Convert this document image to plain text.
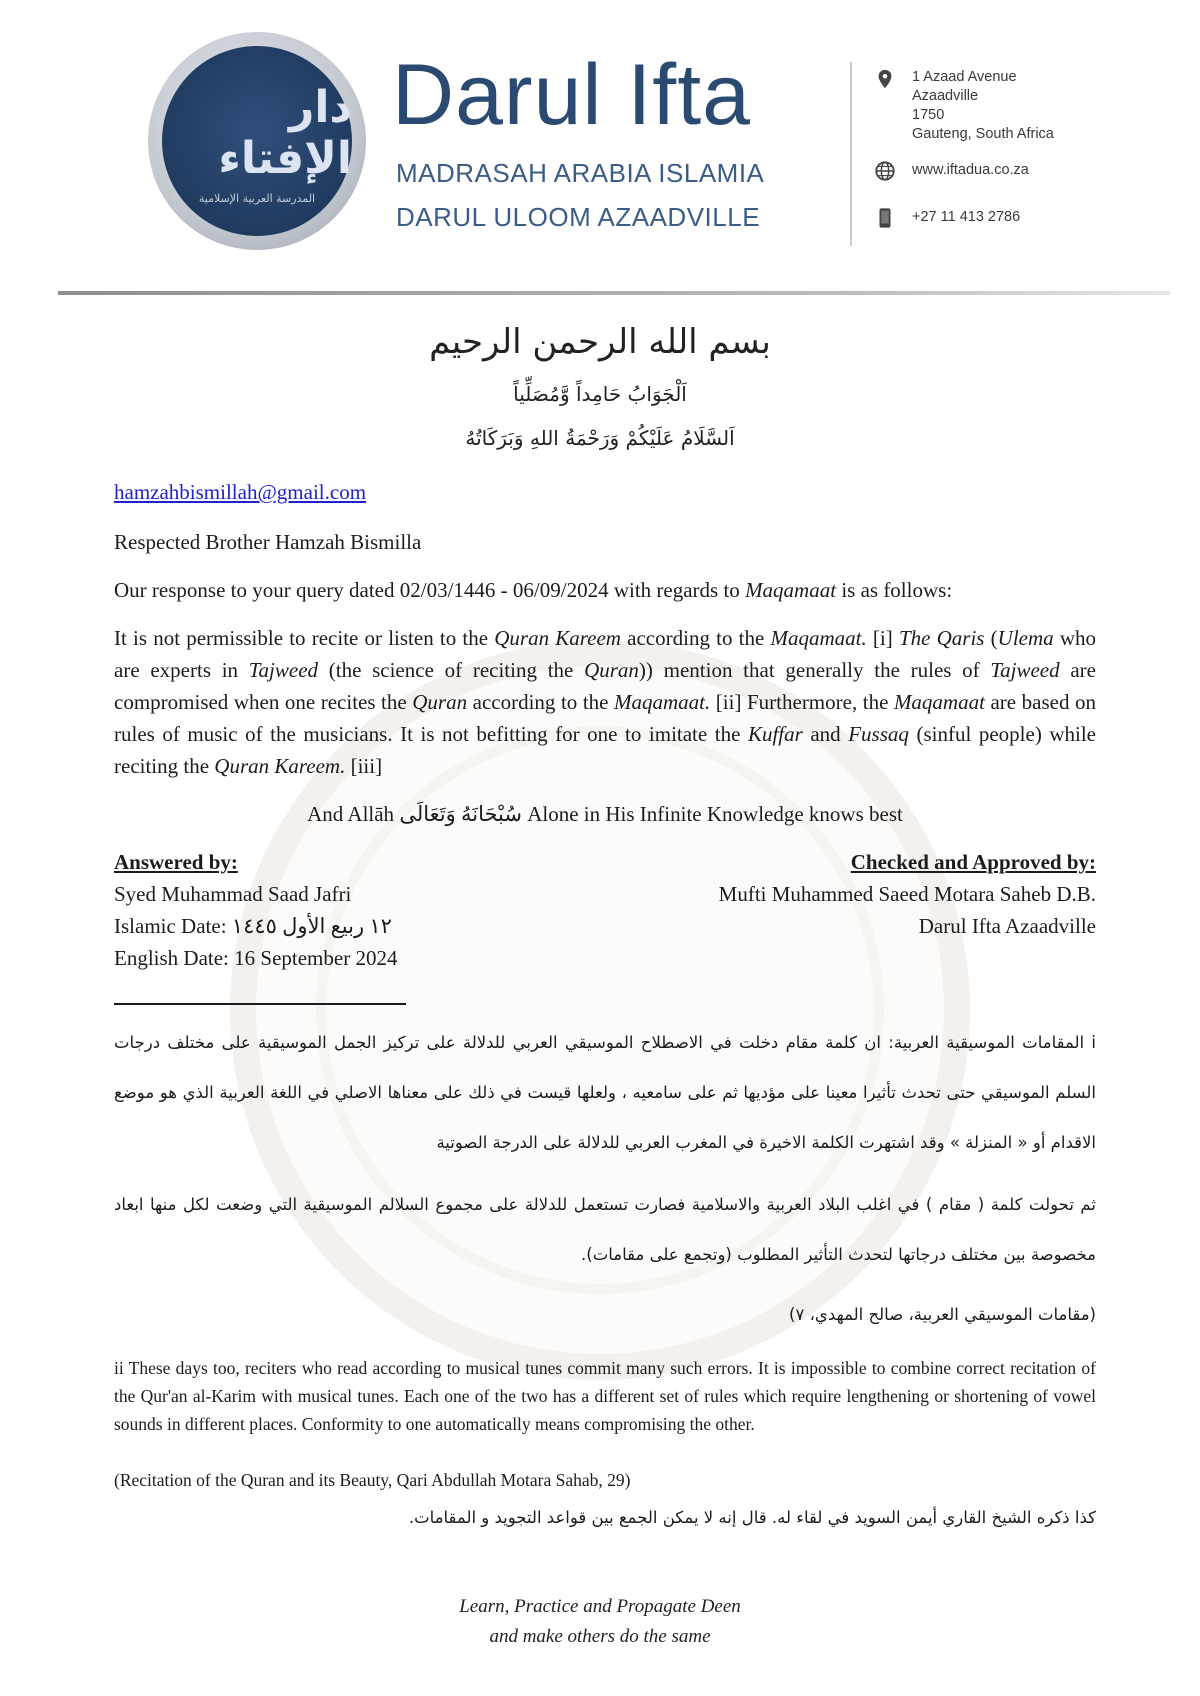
دار الإفتاء
المدرسة العربية الإسلامية
Darul Ifta
MADRASAH ARABIA ISLAMIA
DARUL ULOOM AZAADVILLE
1 Azaad Avenue
Azaadville
1750
Gauteng, South Africa
www.iftadua.co.za
+27 11 413 2786
بسم الله الرحمن الرحيم
اَلْجَوَابُ حَامِداً وَّمُصَلِّياً
اَلسَّلَامُ عَلَيْكُمْ وَرَحْمَةُ اللهِ وَبَرَكَاتُهُ
hamzahbismillah@gmail.com
Respected Brother Hamzah Bismilla
Our response to your query dated 02/03/1446 - 06/09/2024 with regards to Maqamaat is as follows:
It is not permissible to recite or listen to the Quran Kareem according to the Maqamaat. [i] The Qaris (Ulema who are experts in Tajweed (the science of reciting the Quran)) mention that generally the rules of Tajweed are compromised when one recites the Quran according to the Maqamaat. [ii] Furthermore, the Maqamaat are based on rules of music of the musicians. It is not befitting for one to imitate the Kuffar and Fussaq (sinful people) while reciting the Quran Kareem. [iii]
And Allāh سُبْحَانَهُ وَتَعَالَى Alone in His Infinite Knowledge knows best
Answered by:
Syed Muhammad Saad Jafri
Islamic Date: ١٢ ربيع الأول ١٤٤٥
English Date: 16 September 2024
Checked and Approved by:
Mufti Muhammed Saeed Motara Saheb D.B.
Darul Ifta Azaadville
i المقامات الموسيقية العربية: ان كلمة مقام دخلت في الاصطلاح الموسيقي العربي للدلالة على تركيز الجمل الموسيقية على مختلف درجات السلم الموسيقي حتى تحدث تأثيرا معينا على مؤديها ثم على سامعيه ، ولعلها قيست في ذلك على معناها الاصلي في اللغة العربية الذي هو موضع الاقدام أو « المنزلة » وقد اشتهرت الكلمة الاخيرة في المغرب العربي للدلالة على الدرجة الصوتية
ثم تحولت كلمة ( مقام ) في اغلب البلاد العربية والاسلامية فصارت تستعمل للدلالة على مجموع السلالم الموسيقية التي وضعت لكل منها ابعاد مخصوصة بين مختلف درجاتها لتحدث التأثير المطلوب (وتجمع على مقامات).
(مقامات الموسيقي العربية، صالح المهدي، ٧)
ii These days too, reciters who read according to musical tunes commit many such errors. It is impossible to combine correct recitation of the Qur'an al-Karim with musical tunes. Each one of the two has a different set of rules which require lengthening or shortening of vowel sounds in different places. Conformity to one automatically means compromising the other.
(Recitation of the Quran and its Beauty, Qari Abdullah Motara Sahab, 29)
كذا ذكره الشيخ القاري أيمن السويد في لقاء له. قال إنه لا يمكن الجمع بين قواعد التجويد و المقامات.
Learn, Practice and Propagate Deen
and make others do the same
